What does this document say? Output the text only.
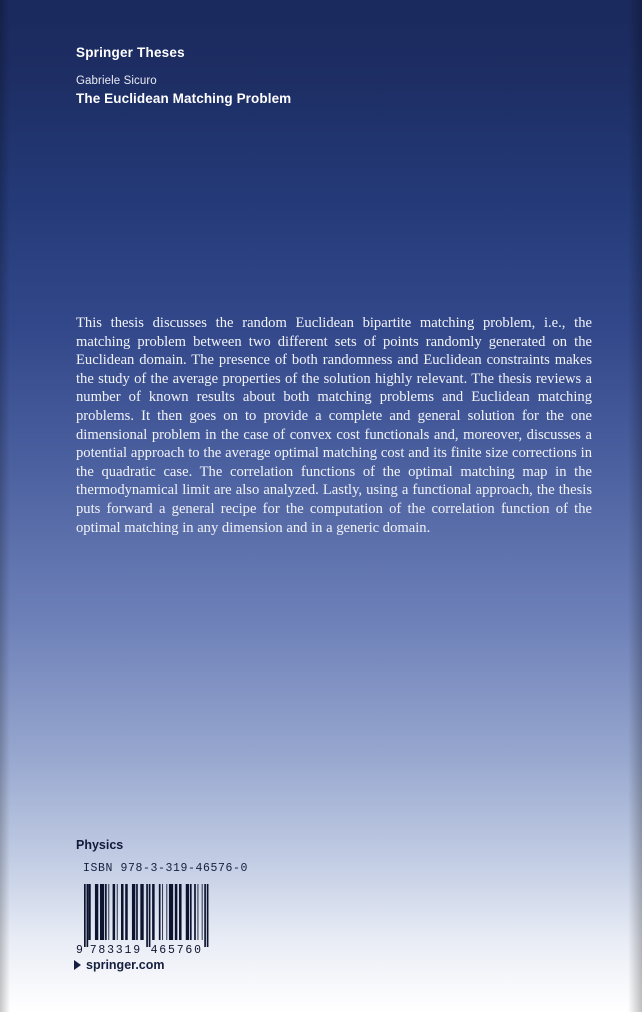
Springer Theses
Gabriele Sicuro
The Euclidean Matching Problem
This thesis discusses the random Euclidean bipartite matching problem, i.e., the matching problem between two different sets of points randomly generated on the Euclidean domain. The presence of both randomness and Euclidean constraints makes the study of the average properties of the solution highly relevant. The thesis reviews a number of known results about both matching problems and Euclidean matching problems. It then goes on to provide a complete and general solution for the one dimensional problem in the case of convex cost functionals and, moreover, discusses a potential approach to the average optimal matching cost and its finite size corrections in the quadratic case. The correlation functions of the optimal matching map in the thermodynamical limit are also analyzed. Lastly, using a functional approach, the thesis puts forward a general recipe for the computation of the correlation function of the optimal matching in any dimension and in a generic domain.
Physics
ISBN 978-3-319-46576-0
9 783319 465760
springer.com
